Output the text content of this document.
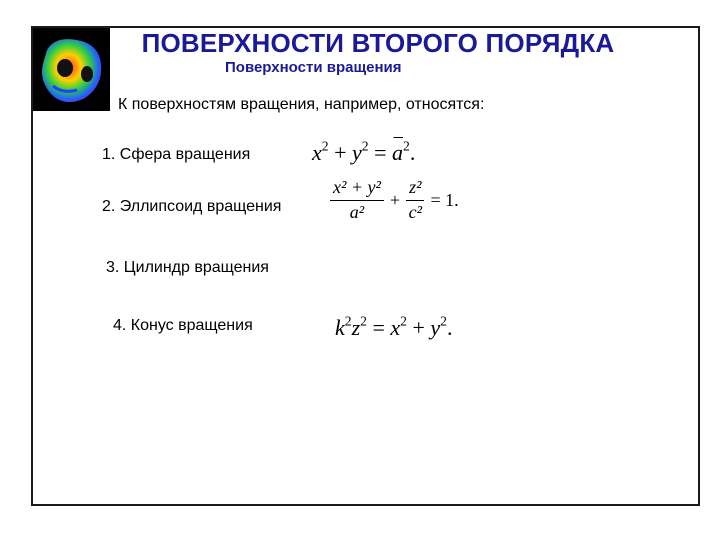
ПОВЕРХНОСТИ ВТОРОГО ПОРЯДКА
Поверхности вращения
К поверхностям вращения, например, относятся:
1. Сфера вращения
2. Эллипсоид вращения
3. Цилиндр вращения
4. Конус вращения
$x^2 + y^2 = a^2$.
$\frac{\text{x² + y²}}{\text{a²}} + \frac{\text{z²}}{\text{c²}} = 1$.
$k^2z^2 = x^2 + y^2$.
